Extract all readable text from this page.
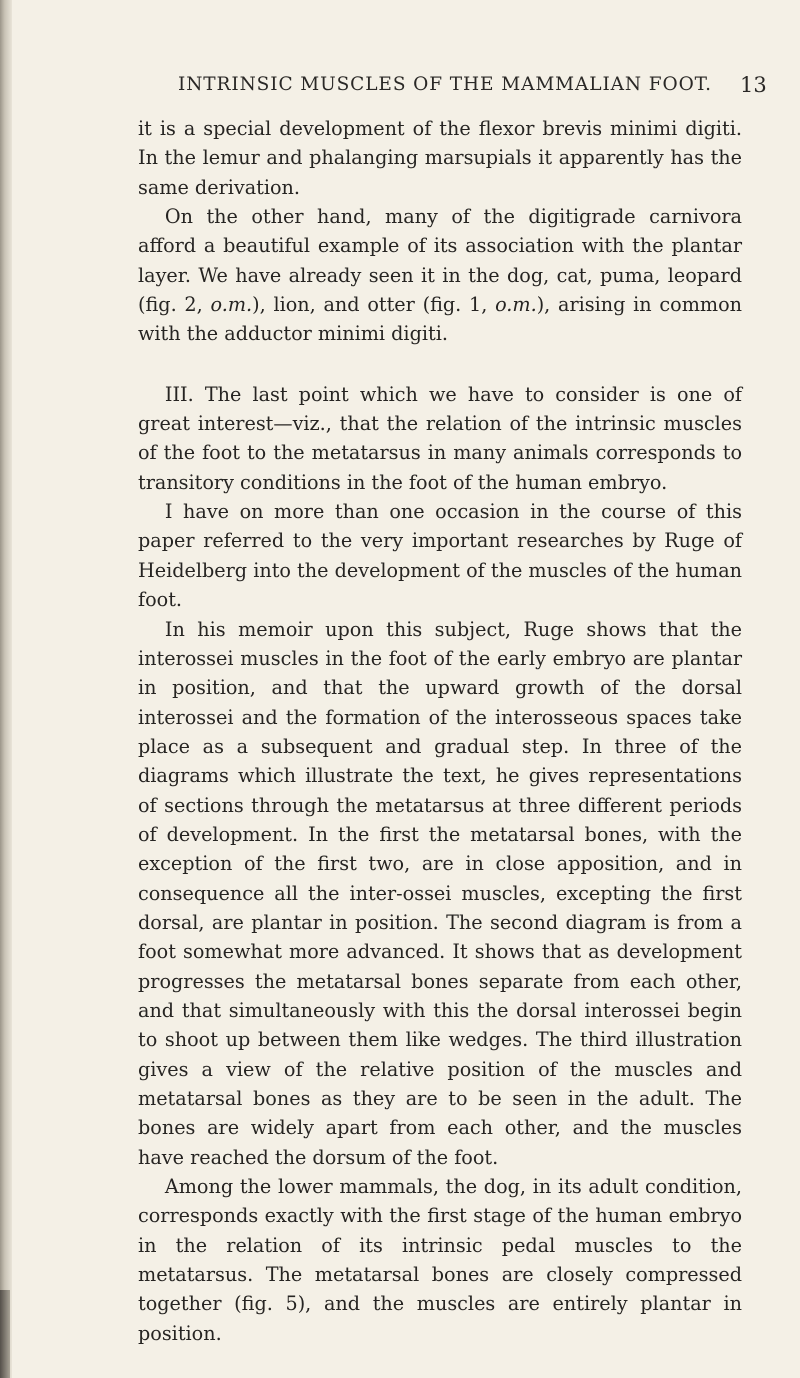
INTRINSIC MUSCLES OF THE MAMMALIAN FOOT. 13

it is a special development of the flexor brevis minimi digiti. In the lemur and phalanging marsupials it apparently has the same derivation.

On the other hand, many of the digitigrade carnivora afford a beautiful example of its association with the plantar layer. We have already seen it in the dog, cat, puma, leopard (fig. 2, o.m.), lion, and otter (fig. 1, o.m.), arising in common with the adductor minimi digiti.

III. The last point which we have to consider is one of great interest—viz., that the relation of the intrinsic muscles of the foot to the metatarsus in many animals corresponds to transitory conditions in the foot of the human embryo.

I have on more than one occasion in the course of this paper referred to the very important researches by Ruge of Heidelberg into the development of the muscles of the human foot.

In his memoir upon this subject, Ruge shows that the interossei muscles in the foot of the early embryo are plantar in position, and that the upward growth of the dorsal interossei and the formation of the interosseous spaces take place as a subsequent and gradual step. In three of the diagrams which illustrate the text, he gives representations of sections through the metatarsus at three different periods of development. In the first the metatarsal bones, with the exception of the first two, are in close apposition, and in consequence all the inter-ossei muscles, excepting the first dorsal, are plantar in position. The second diagram is from a foot somewhat more advanced. It shows that as development progresses the metatarsal bones separate from each other, and that simultaneously with this the dorsal interossei begin to shoot up between them like wedges. The third illustration gives a view of the relative position of the muscles and metatarsal bones as they are to be seen in the adult. The bones are widely apart from each other, and the muscles have reached the dorsum of the foot.

Among the lower mammals, the dog, in its adult condition, corresponds exactly with the first stage of the human embryo in the relation of its intrinsic pedal muscles to the metatarsus. The metatarsal bones are closely compressed together (fig. 5), and the muscles are entirely plantar in position.
